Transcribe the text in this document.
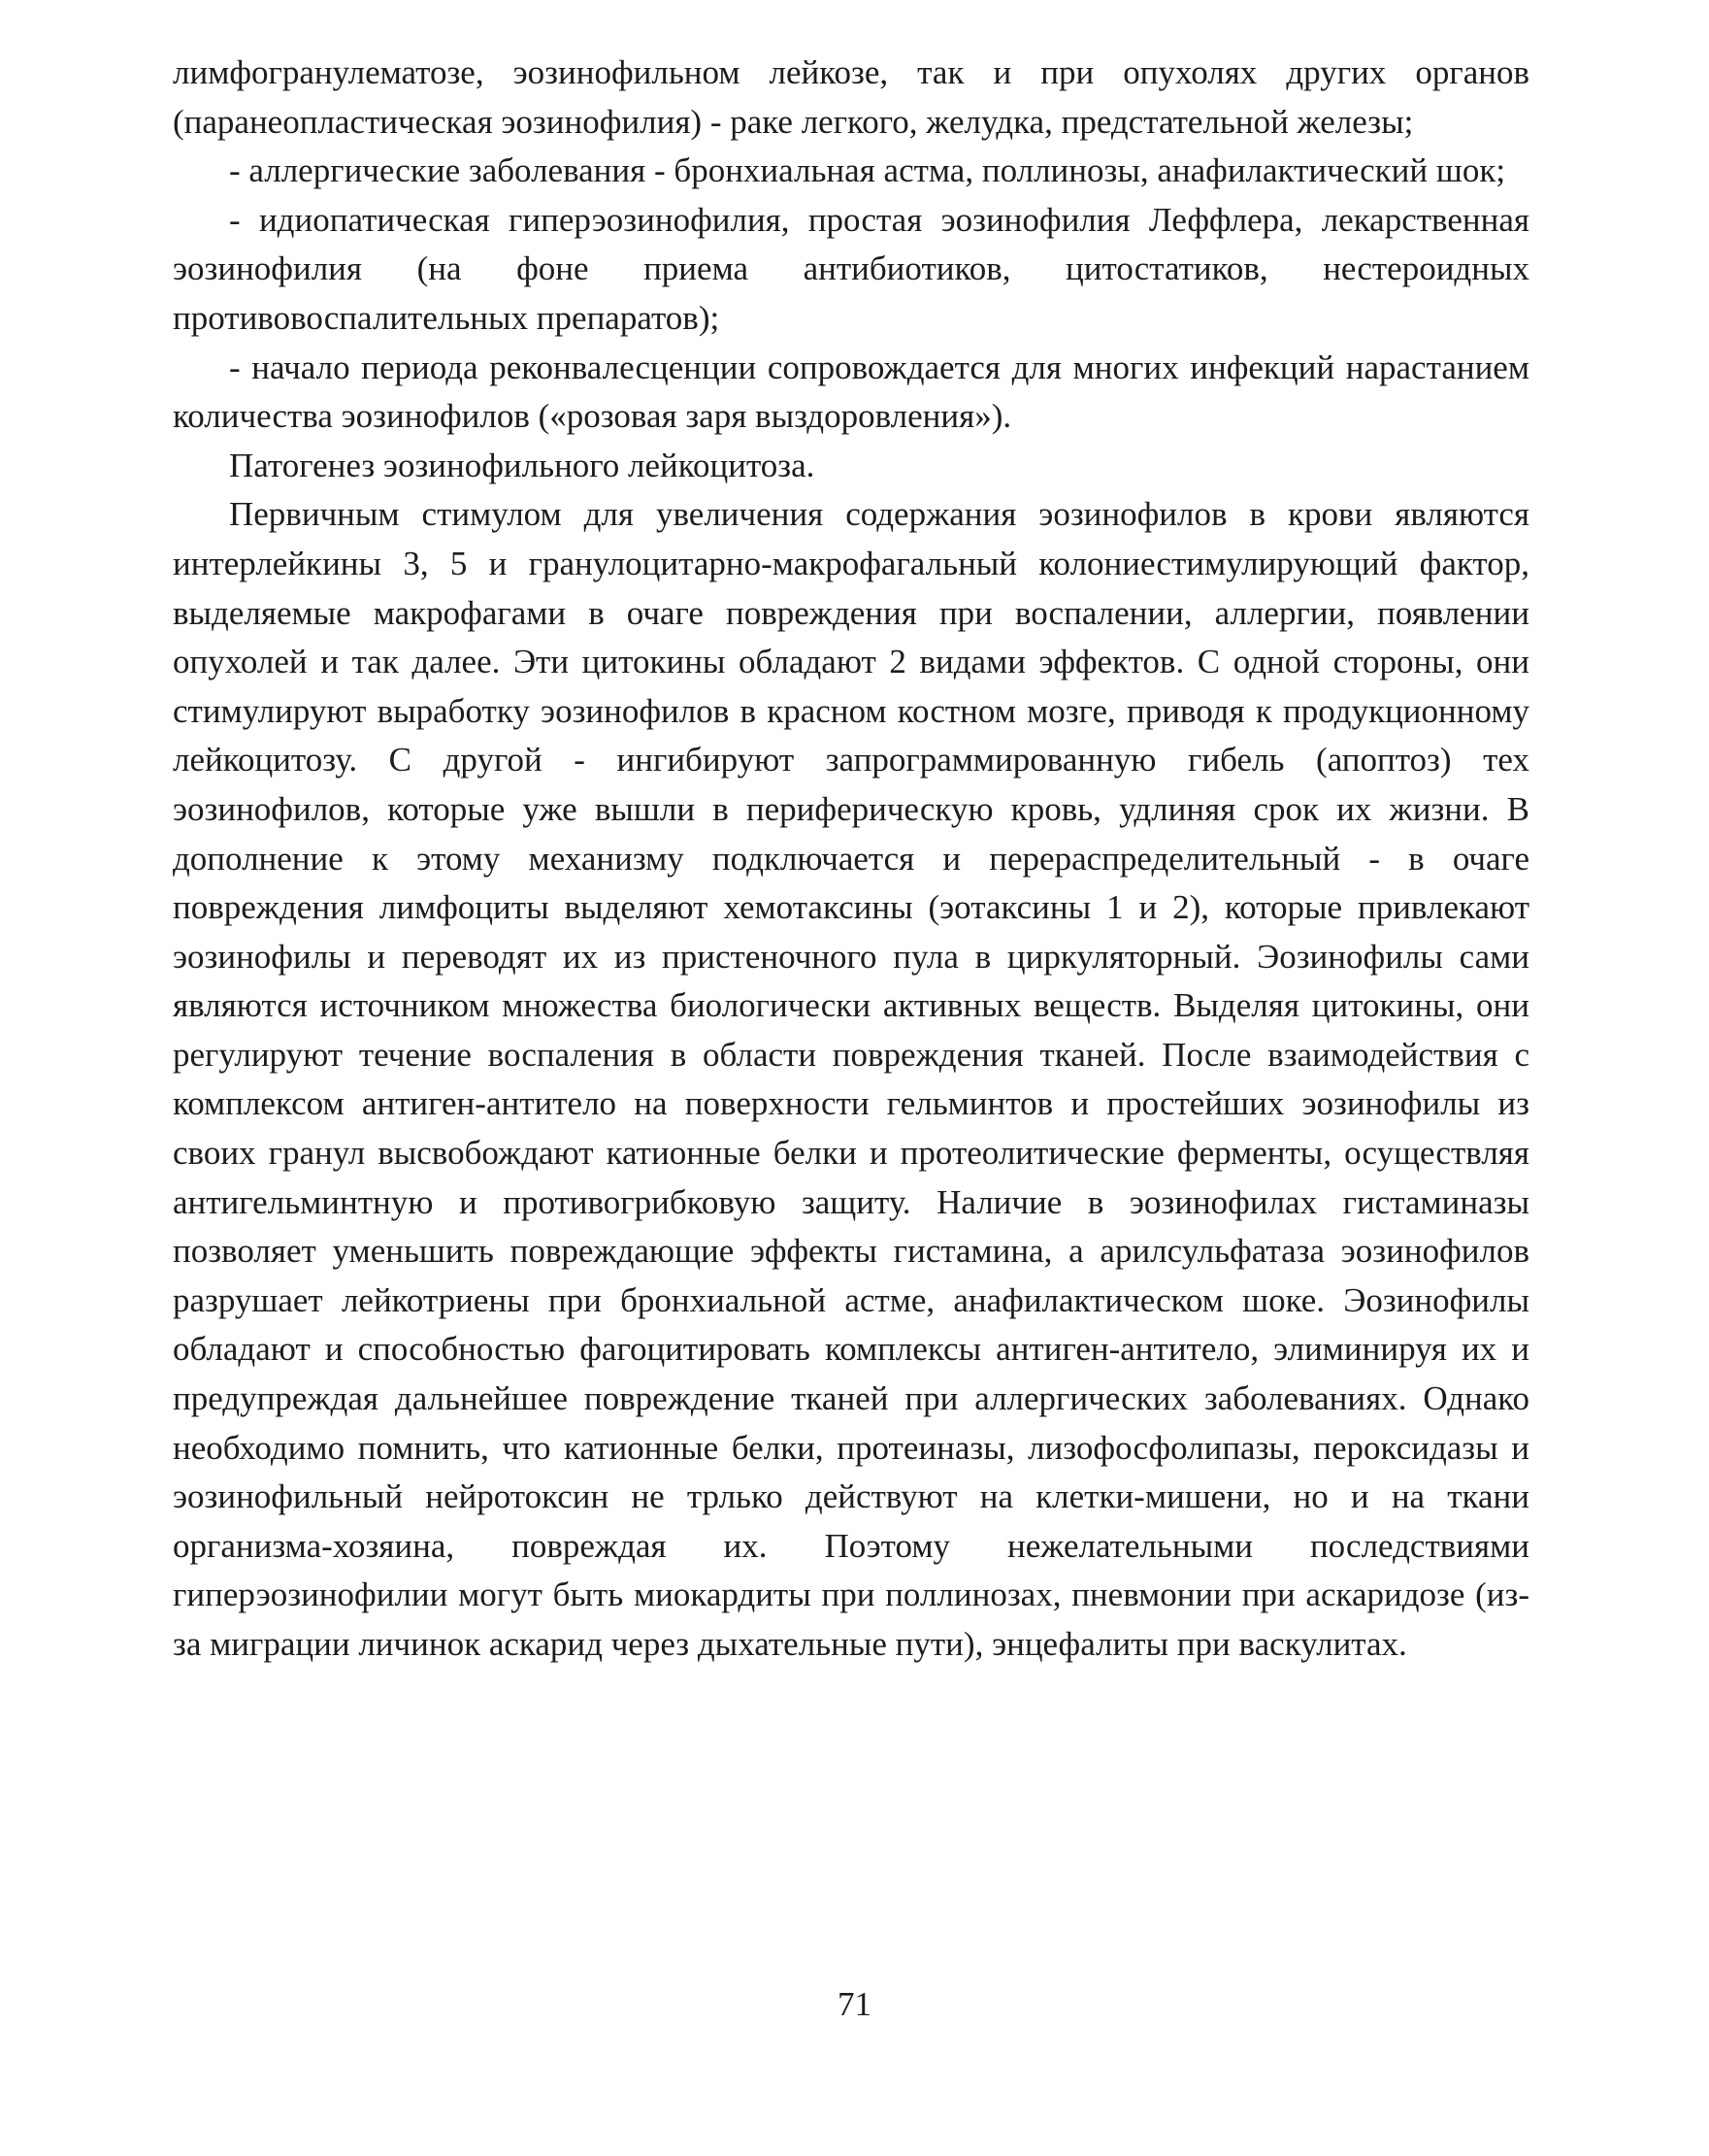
лимфогранулематозе, эозинофильном лейкозе, так и при опухолях других органов (паранеопластическая эозинофилия) - раке легкого, желудка, предстательной железы;

- аллергические заболевания - бронхиальная астма, поллинозы, анафилактический шок;

- идиопатическая гиперэозинофилия, простая эозинофилия Леффлера, лекарственная эозинофилия (на фоне приема антибиотиков, цитостатиков, нестероидных противовоспалительных препаратов);

- начало периода реконвалесценции сопровождается для многих инфекций нарастанием количества эозинофилов («розовая заря выздоровления»).

Патогенез эозинофильного лейкоцитоза.

Первичным стимулом для увеличения содержания эозинофилов в крови являются интерлейкины 3, 5 и гранулоцитарно-макрофагальный колониестимулирующий фактор, выделяемые макрофагами в очаге повреждения при воспалении, аллергии, появлении опухолей и так далее. Эти цитокины обладают 2 видами эффектов. С одной стороны, они стимулируют выработку эозинофилов в красном костном мозге, приводя к продукционному лейкоцитозу. С другой - ингибируют запрограммированную гибель (апоптоз) тех эозинофилов, которые уже вышли в периферическую кровь, удлиняя срок их жизни. В дополнение к этому механизму подключается и перераспределительный - в очаге повреждения лимфоциты выделяют хемотаксины (эотаксины 1 и 2), которые привлекают эозинофилы и переводят их из пристеночного пула в циркуляторный. Эозинофилы сами являются источником множества биологически активных веществ. Выделяя цитокины, они регулируют течение воспаления в области повреждения тканей. После взаимодействия с комплексом антиген-антитело на поверхности гельминтов и простейших эозинофилы из своих гранул высвобождают катионные белки и протеолитические ферменты, осуществляя антигельминтную и противогрибковую защиту. Наличие в эозинофилах гистаминазы позволяет уменьшить повреждающие эффекты гистамина, а арилсульфатаза эозинофилов разрушает лейкотриены при бронхиальной астме, анафилактическом шоке. Эозинофилы обладают и способностью фагоцитировать комплексы антиген-антитело, элиминируя их и предупреждая дальнейшее повреждение тканей при аллергических заболеваниях. Однако необходимо помнить, что катионные белки, протеиназы, лизофосфолипазы, пероксидазы и эозинофильный нейротоксин не трлько действуют на клетки-мишени, но и на ткани организма-хозяина, повреждая их. Поэтому нежелательными последствиями гиперэозинофилии могут быть миокардиты при поллинозах, пневмонии при аскаридозе (из-за миграции личинок аскарид через дыхательные пути), энцефалиты при васкулитах.

71
